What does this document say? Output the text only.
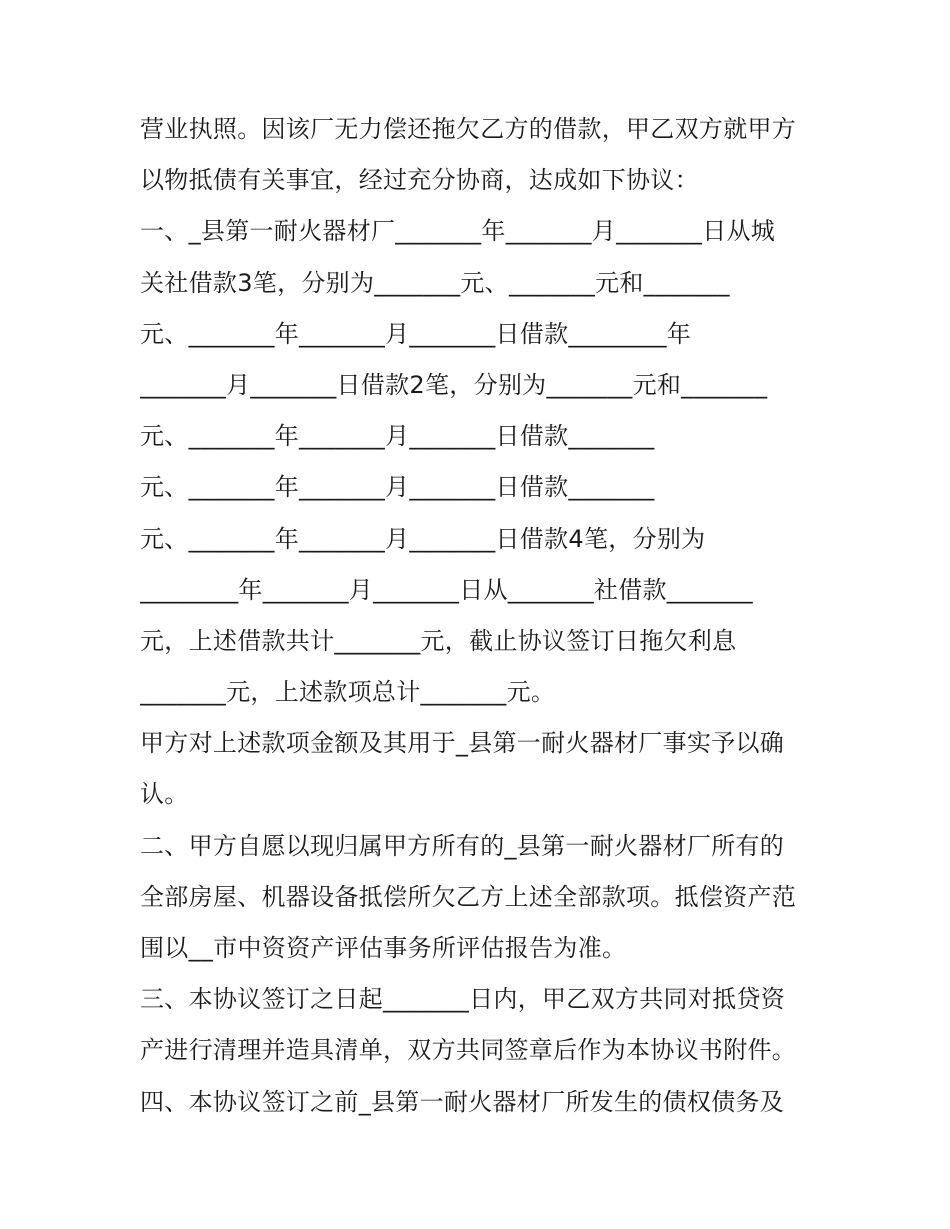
营业执照。因该厂无力偿还拖欠乙方的借款，甲乙双方就甲方
以物抵债有关事宜，经过充分协商，达成如下协议：
一、_县第一耐火器材厂_______年_______月_______日从城
关社借款3笔，分别为_______元、_______元和_______
元、_______年_______月_______日借款________年
_______月_______日借款2笔，分别为_______元和_______
元、_______年_______月_______日借款_______
元、_______年_______月_______日借款_______
元、_______年_______月_______日借款4笔，分别为
________年_______月_______日从_______社借款_______
元，上述借款共计_______元，截止协议签订日拖欠利息
_______元，上述款项总计_______元。
甲方对上述款项金额及其用于_县第一耐火器材厂事实予以确
认。
二、甲方自愿以现归属甲方所有的_县第一耐火器材厂所有的
全部房屋、机器设备抵偿所欠乙方上述全部款项。抵偿资产范
围以__市中资资产评估事务所评估报告为准。
三、本协议签订之日起_______日内，甲乙双方共同对抵贷资
产进行清理并造具清单，双方共同签章后作为本协议书附件。
四、本协议签订之前_县第一耐火器材厂所发生的债权债务及
